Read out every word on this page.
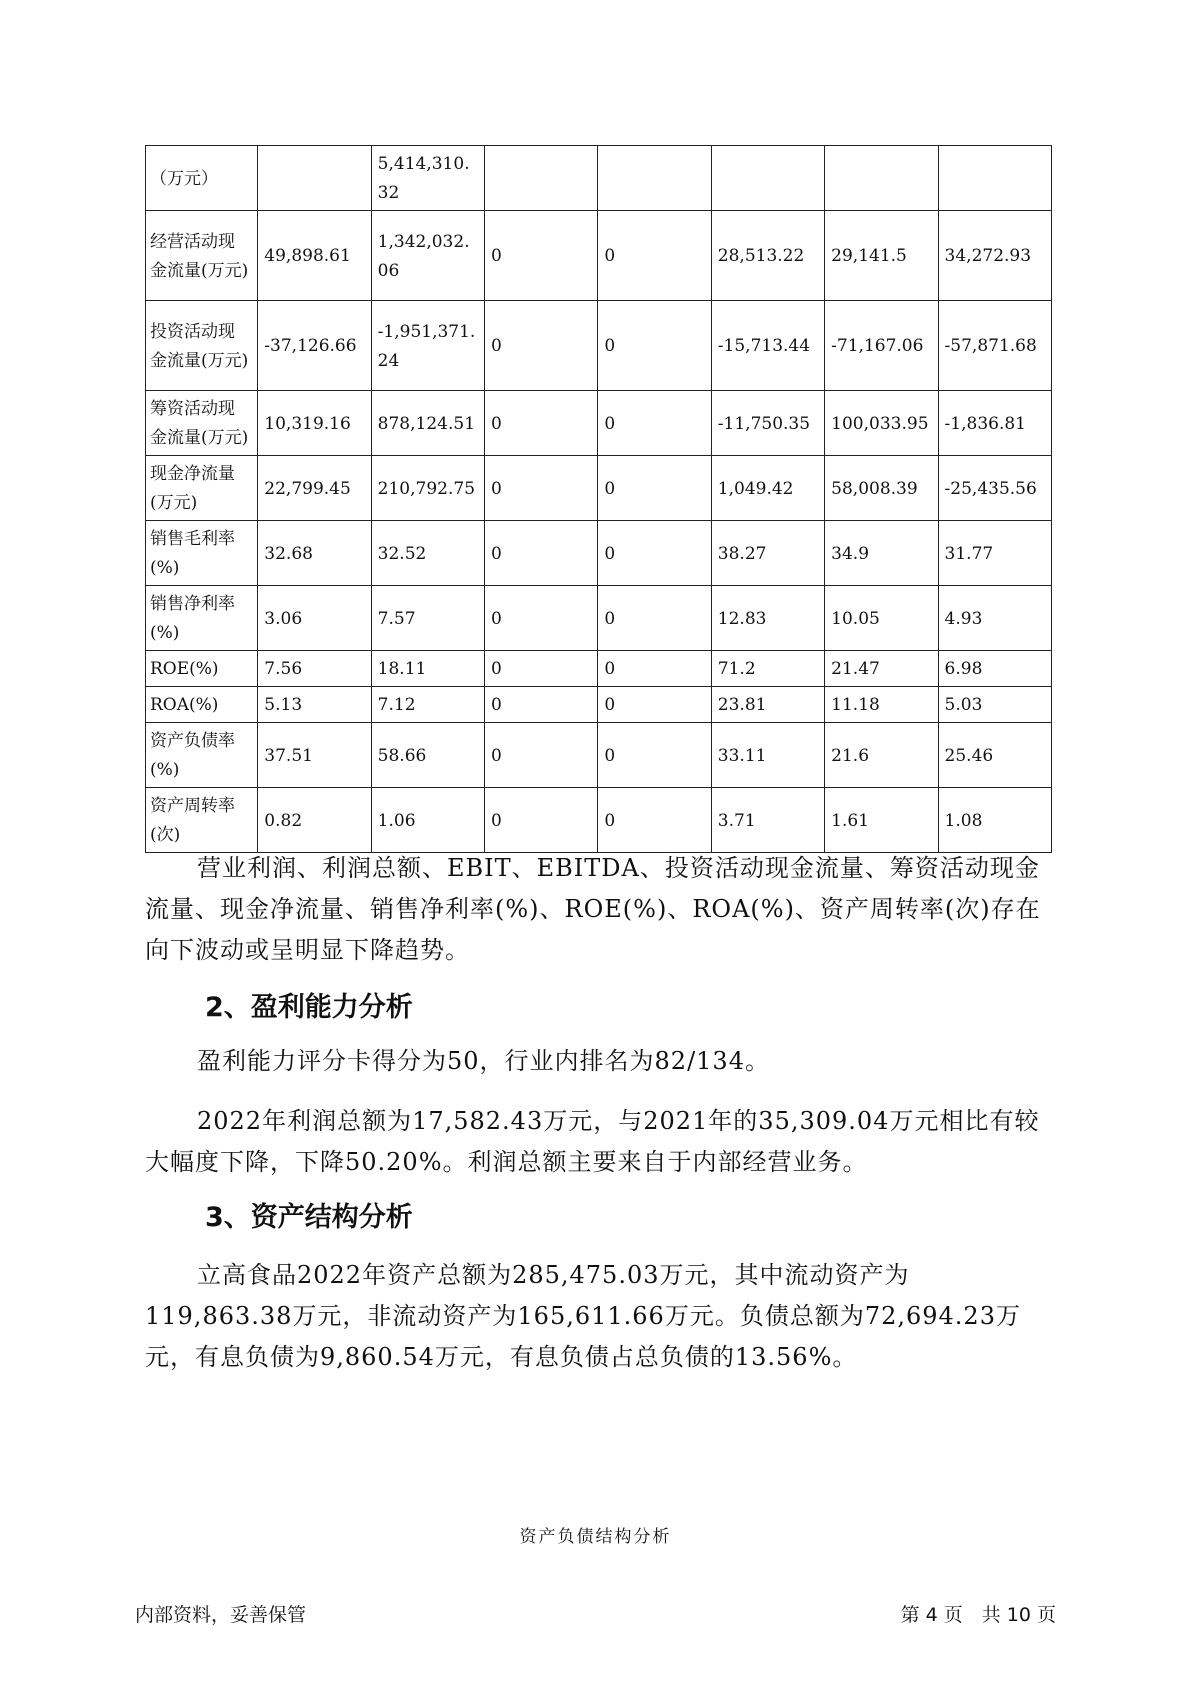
（万元）		5,414,310.32					
经营活动现金流量(万元)	49,898.61	1,342,032.06	0	0	28,513.22	29,141.5	34,272.93
投资活动现金流量(万元)	-37,126.66	-1,951,371.24	0	0	-15,713.44	-71,167.06	-57,871.68
筹资活动现金流量(万元)	10,319.16	878,124.51	0	0	-11,750.35	100,033.95	-1,836.81
现金净流量(万元)	22,799.45	210,792.75	0	0	1,049.42	58,008.39	-25,435.56
销售毛利率(%)	32.68	32.52	0	0	38.27	34.9	31.77
销售净利率(%)	3.06	7.57	0	0	12.83	10.05	4.93
ROE(%)	7.56	18.11	0	0	71.2	21.47	6.98
ROA(%)	5.13	7.12	0	0	23.81	11.18	5.03
资产负债率(%)	37.51	58.66	0	0	33.11	21.6	25.46
资产周转率(次)	0.82	1.06	0	0	3.71	1.61	1.08

营业利润、利润总额、EBIT、EBITDA、投资活动现金流量、筹资活动现金流量、现金净流量、销售净利率(%)、ROE(%)、ROA(%)、资产周转率(次)存在向下波动或呈明显下降趋势。

2、盈利能力分析

盈利能力评分卡得分为50，行业内排名为82/134。

2022年利润总额为17,582.43万元，与2021年的35,309.04万元相比有较大幅度下降，下降50.20%。利润总额主要来自于内部经营业务。

3、资产结构分析

立高食品2022年资产总额为285,475.03万元，其中流动资产为119,863.38万元，非流动资产为165,611.66万元。负债总额为72,694.23万元，有息负债为9,860.54万元，有息负债占总负债的13.56%。

资产负债结构分析
内部资料，妥善保管	第 4 页　共 10 页
